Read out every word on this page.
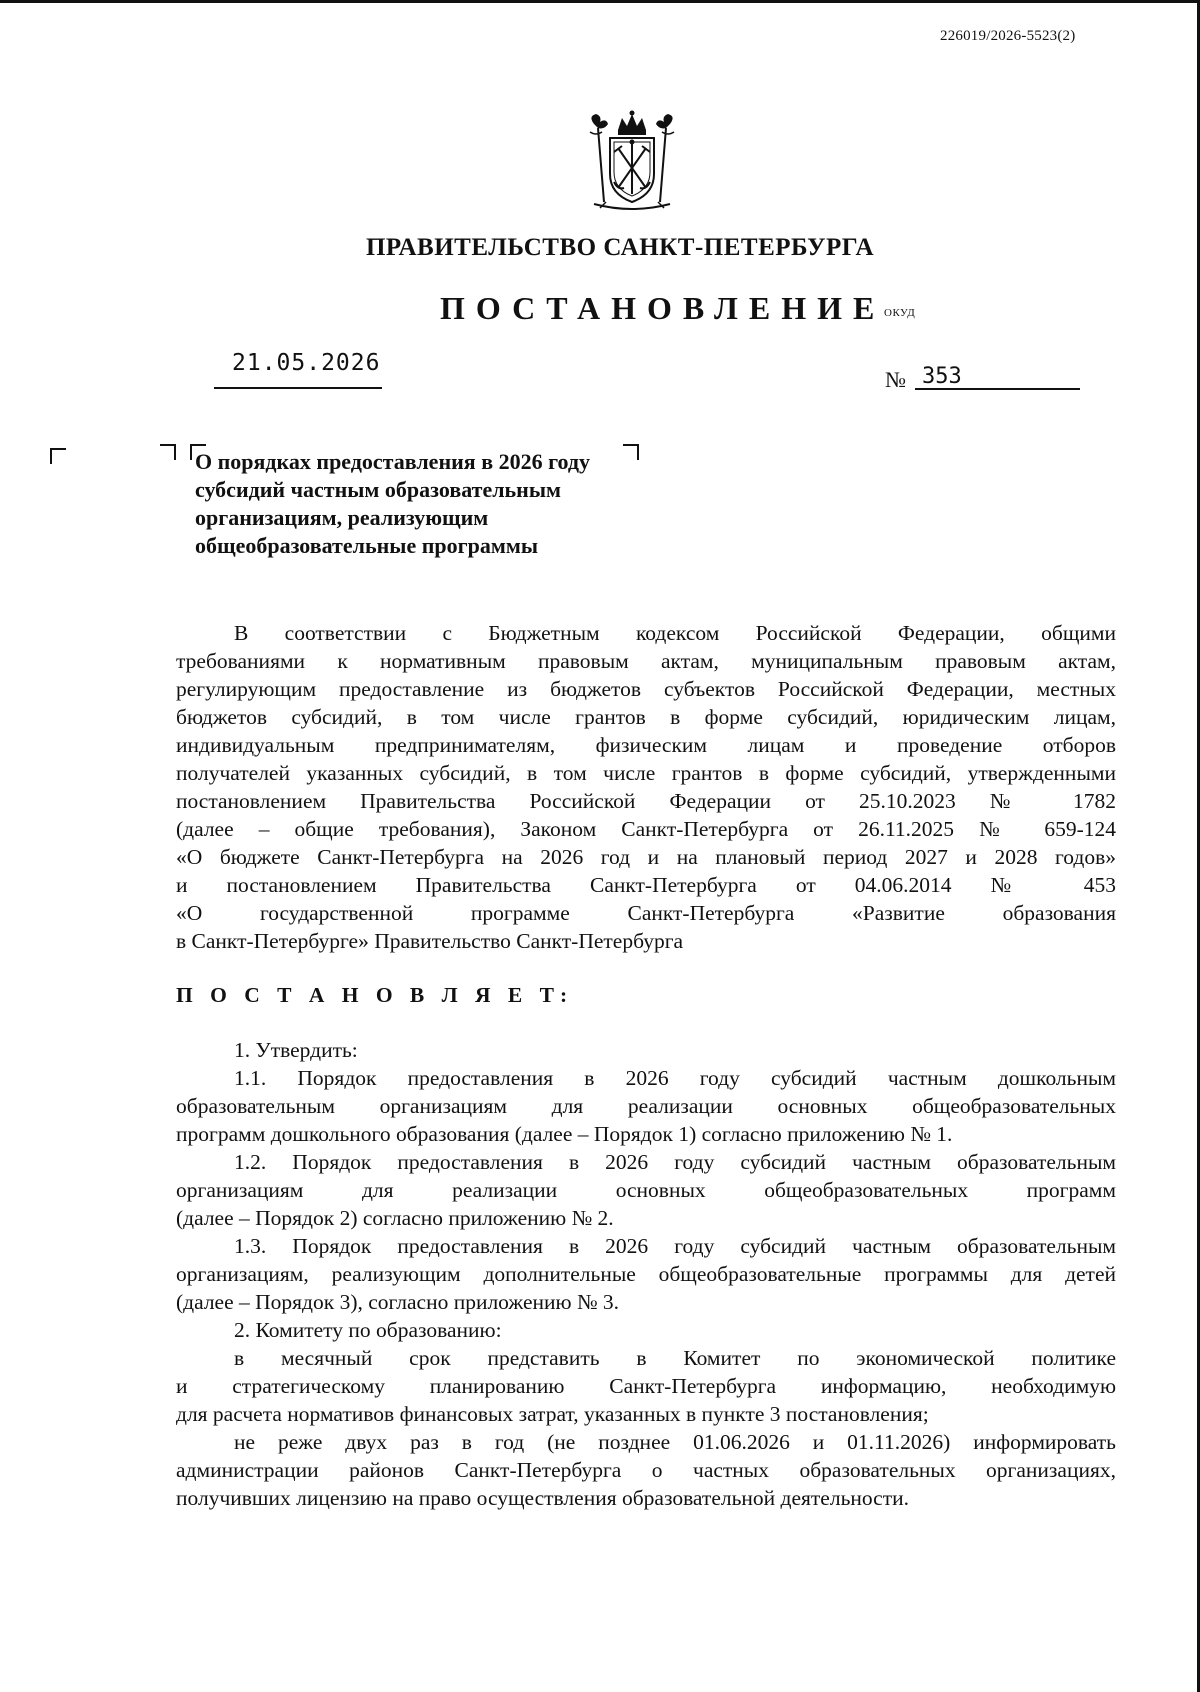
226019/2026-5523(2)
ПРАВИТЕЛЬСТВО САНКТ-ПЕТЕРБУРГА
ПОСТАНОВЛЕНИЕ
ОКУД
21.05.2026
№ 353
О порядках предоставления в 2026 году
субсидий частным образовательным
организациям, реализующим
общеобразовательные программы
В соответствии с Бюджетным кодексом Российской Федерации, общими
требованиями к нормативным правовым актам, муниципальным правовым актам,
регулирующим предоставление из бюджетов субъектов Российской Федерации, местных
бюджетов субсидий, в том числе грантов в форме субсидий, юридическим лицам,
индивидуальным предпринимателям, физическим лицам и проведение отборов
получателей указанных субсидий, в том числе грантов в форме субсидий, утвержденными
постановлением Правительства Российской Федерации от 25.10.2023 № 1782
(далее – общие требования), Законом Санкт-Петербурга от 26.11.2025 № 659-124
«О бюджете Санкт-Петербурга на 2026 год и на плановый период 2027 и 2028 годов»
и постановлением Правительства Санкт-Петербурга от 04.06.2014 № 453
«О государственной программе Санкт-Петербурга «Развитие образования
в Санкт-Петербурге» Правительство Санкт-Петербурга
П О С Т А Н О В Л Я Е Т:
1. Утвердить:
1.1. Порядок предоставления в 2026 году субсидий частным дошкольным
образовательным организациям для реализации основных общеобразовательных
программ дошкольного образования (далее – Порядок 1) согласно приложению № 1.
1.2. Порядок предоставления в 2026 году субсидий частным образовательным
организациям для реализации основных общеобразовательных программ
(далее – Порядок 2) согласно приложению № 2.
1.3. Порядок предоставления в 2026 году субсидий частным образовательным
организациям, реализующим дополнительные общеобразовательные программы для детей
(далее – Порядок 3), согласно приложению № 3.
2. Комитету по образованию:
в месячный срок представить в Комитет по экономической политике
и стратегическому планированию Санкт-Петербурга информацию, необходимую
для расчета нормативов финансовых затрат, указанных в пункте 3 постановления;
не реже двух раз в год (не позднее 01.06.2026 и 01.11.2026) информировать
администрации районов Санкт-Петербурга о частных образовательных организациях,
получивших лицензию на право осуществления образовательной деятельности.
